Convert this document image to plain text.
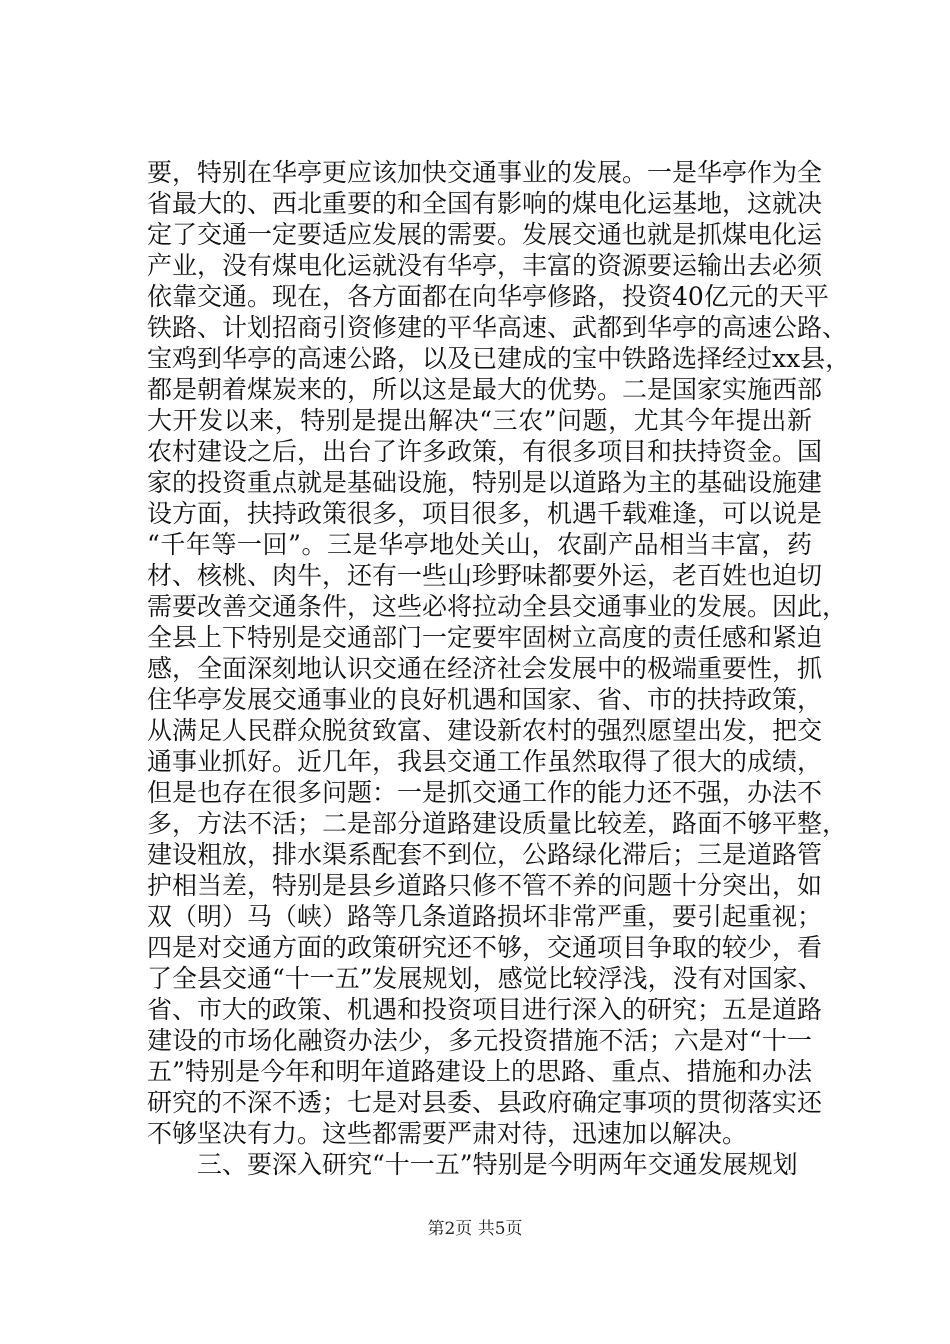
要，特别在华亭更应该加快交通事业的发展。一是华亭作为全
省最大的、西北重要的和全国有影响的煤电化运基地，这就决
定了交通一定要适应发展的需要。发展交通也就是抓煤电化运
产业，没有煤电化运就没有华亭，丰富的资源要运输出去必须
依靠交通。现在，各方面都在向华亭修路，投资40亿元的天平
铁路、计划招商引资修建的平华高速、武都到华亭的高速公路、
宝鸡到华亭的高速公路，以及已建成的宝中铁路选择经过xx县，
都是朝着煤炭来的，所以这是最大的优势。二是国家实施西部
大开发以来，特别是提出解决“三农”问题，尤其今年提出新
农村建设之后，出台了许多政策，有很多项目和扶持资金。国
家的投资重点就是基础设施，特别是以道路为主的基础设施建
设方面，扶持政策很多，项目很多，机遇千载难逢，可以说是
“千年等一回”。三是华亭地处关山，农副产品相当丰富，药
材、核桃、肉牛，还有一些山珍野味都要外运，老百姓也迫切
需要改善交通条件，这些必将拉动全县交通事业的发展。因此，
全县上下特别是交通部门一定要牢固树立高度的责任感和紧迫
感，全面深刻地认识交通在经济社会发展中的极端重要性，抓
住华亭发展交通事业的良好机遇和国家、省、市的扶持政策，
从满足人民群众脱贫致富、建设新农村的强烈愿望出发，把交
通事业抓好。近几年，我县交通工作虽然取得了很大的成绩，
但是也存在很多问题：一是抓交通工作的能力还不强，办法不
多，方法不活；二是部分道路建设质量比较差，路面不够平整，
建设粗放，排水渠系配套不到位，公路绿化滞后；三是道路管
护相当差，特别是县乡道路只修不管不养的问题十分突出，如
双（明）马（峡）路等几条道路损坏非常严重，要引起重视；
四是对交通方面的政策研究还不够，交通项目争取的较少，看
了全县交通“十一五”发展规划，感觉比较浮浅，没有对国家、
省、市大的政策、机遇和投资项目进行深入的研究；五是道路
建设的市场化融资办法少，多元投资措施不活；六是对“十一
五”特别是今年和明年道路建设上的思路、重点、措施和办法
研究的不深不透；七是对县委、县政府确定事项的贯彻落实还
不够坚决有力。这些都需要严肃对待，迅速加以解决。
　　三、要深入研究“十一五”特别是今明两年交通发展规划
第2页 共5页
